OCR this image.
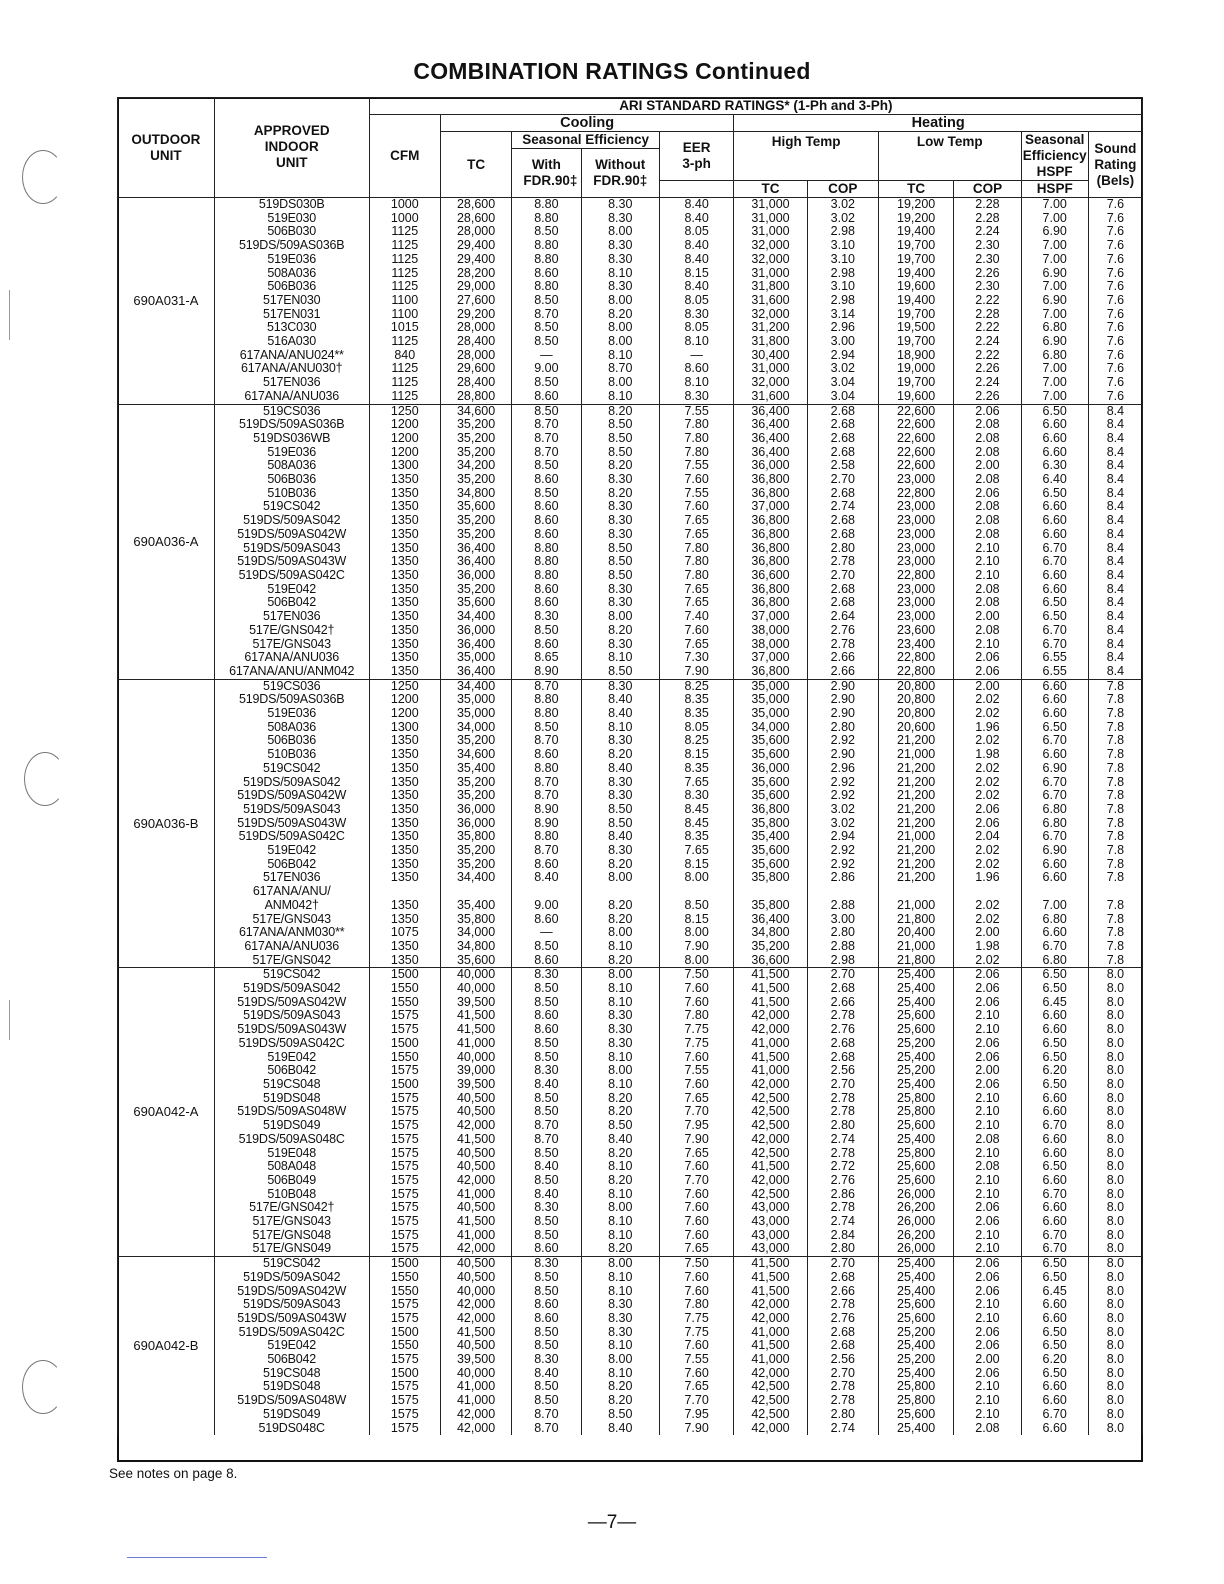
COMBINATION RATINGS Continued
OUTDOOR UNIT	APPROVED INDOOR UNIT	ARI STANDARD RATINGS* (1-Ph and 3-Ph)										
		CFM	Cooling				Heating					
			TC	Seasonal Efficiency		EER 3-ph	High Temp		Low Temp		Seasonal Efficiency HSPF	Sound Rating (Bels)

				With FDR.90‡	Without FDR.90‡							

							TC	COP	TC	COP	HSPF	
690A031-A	519DS030B	1000	28,600	8.80	8.30	8.40	31,000	3.02	19,200	2.28	7.00	7.6
	519E030	1000	28,600	8.80	8.30	8.40	31,000	3.02	19,200	2.28	7.00	7.6
	506B030	1125	28,000	8.50	8.00	8.05	31,000	2.98	19,400	2.24	6.90	7.6
	519DS/509AS036B	1125	29,400	8.80	8.30	8.40	32,000	3.10	19,700	2.30	7.00	7.6
	519E036	1125	29,400	8.80	8.30	8.40	32,000	3.10	19,700	2.30	7.00	7.6
	508A036	1125	28,200	8.60	8.10	8.15	31,000	2.98	19,400	2.26	6.90	7.6
	506B036	1125	29,000	8.80	8.30	8.40	31,800	3.10	19,600	2.30	7.00	7.6
	517EN030	1100	27,600	8.50	8.00	8.05	31,600	2.98	19,400	2.22	6.90	7.6
	517EN031	1100	29,200	8.70	8.20	8.30	32,000	3.14	19,700	2.28	7.00	7.6
	513C030	1015	28,000	8.50	8.00	8.05	31,200	2.96	19,500	2.22	6.80	7.6
	516A030	1125	28,400	8.50	8.00	8.10	31,800	3.00	19,700	2.24	6.90	7.6
	617ANA/ANU024**	840	28,000	—	8.10	—	30,400	2.94	18,900	2.22	6.80	7.6
	617ANA/ANU030†	1125	29,600	9.00	8.70	8.60	31,000	3.02	19,000	2.26	7.00	7.6
	517EN036	1125	28,400	8.50	8.00	8.10	32,000	3.04	19,700	2.24	7.00	7.6
	617ANA/ANU036	1125	28,800	8.60	8.10	8.30	31,600	3.04	19,600	2.26	7.00	7.6
690A036-A	519CS036	1250	34,600	8.50	8.20	7.55	36,400	2.68	22,600	2.06	6.50	8.4
	519DS/509AS036B	1200	35,200	8.70	8.50	7.80	36,400	2.68	22,600	2.08	6.60	8.4
	519DS036WB	1200	35,200	8.70	8.50	7.80	36,400	2.68	22,600	2.08	6.60	8.4
	519E036	1200	35,200	8.70	8.50	7.80	36,400	2.68	22,600	2.08	6.60	8.4
	508A036	1300	34,200	8.50	8.20	7.55	36,000	2.58	22,600	2.00	6.30	8.4
	506B036	1350	35,200	8.60	8.30	7.60	36,800	2.70	23,000	2.08	6.40	8.4
	510B036	1350	34,800	8.50	8.20	7.55	36,800	2.68	22,800	2.06	6.50	8.4
	519CS042	1350	35,600	8.60	8.30	7.60	37,000	2.74	23,000	2.08	6.60	8.4
	519DS/509AS042	1350	35,200	8.60	8.30	7.65	36,800	2.68	23,000	2.08	6.60	8.4
	519DS/509AS042W	1350	35,200	8.60	8.30	7.65	36,800	2.68	23,000	2.08	6.60	8.4
	519DS/509AS043	1350	36,400	8.80	8.50	7.80	36,800	2.80	23,000	2.10	6.70	8.4
	519DS/509AS043W	1350	36,400	8.80	8.50	7.80	36,800	2.78	23,000	2.10	6.70	8.4
	519DS/509AS042C	1350	36,000	8.80	8.50	7.80	36,600	2.70	22,800	2.10	6.60	8.4
	519E042	1350	35,200	8.60	8.30	7.65	36,800	2.68	23,000	2.08	6.60	8.4
	506B042	1350	35,600	8.60	8.30	7.65	36,800	2.68	23,000	2.08	6.50	8.4
	517EN036	1350	34,400	8.30	8.00	7.40	37,000	2.64	23,000	2.00	6.50	8.4
	517E/GNS042†	1350	36,000	8.50	8.20	7.60	38,000	2.76	23,600	2.08	6.70	8.4
	517E/GNS043	1350	36,400	8.60	8.30	7.65	38,000	2.78	23,400	2.10	6.70	8.4
	617ANA/ANU036	1350	35,000	8.65	8.10	7.30	37,000	2.66	22,800	2.06	6.55	8.4
	617ANA/ANU/ANM042	1350	36,400	8.90	8.50	7.90	36,800	2.66	22,800	2.06	6.55	8.4
690A036-B	519CS036	1250	34,400	8.70	8.30	8.25	35,000	2.90	20,800	2.00	6.60	7.8
	519DS/509AS036B	1200	35,000	8.80	8.40	8.35	35,000	2.90	20,800	2.02	6.60	7.8
	519E036	1200	35,000	8.80	8.40	8.35	35,000	2.90	20,800	2.02	6.60	7.8
	508A036	1300	34,000	8.50	8.10	8.05	34,000	2.80	20,600	1.96	6.50	7.8
	506B036	1350	35,200	8.70	8.30	8.25	35,600	2.92	21,200	2.02	6.70	7.8
	510B036	1350	34,600	8.60	8.20	8.15	35,600	2.90	21,000	1.98	6.60	7.8
	519CS042	1350	35,400	8.80	8.40	8.35	36,000	2.96	21,200	2.02	6.90	7.8
	519DS/509AS042	1350	35,200	8.70	8.30	7.65	35,600	2.92	21,200	2.02	6.70	7.8
	519DS/509AS042W	1350	35,200	8.70	8.30	8.30	35,600	2.92	21,200	2.02	6.70	7.8
	519DS/509AS043	1350	36,000	8.90	8.50	8.45	36,800	3.02	21,200	2.06	6.80	7.8
	519DS/509AS043W	1350	36,000	8.90	8.50	8.45	35,800	3.02	21,200	2.06	6.80	7.8
	519DS/509AS042C	1350	35,800	8.80	8.40	8.35	35,400	2.94	21,000	2.04	6.70	7.8
	519E042	1350	35,200	8.70	8.30	7.65	35,600	2.92	21,200	2.02	6.90	7.8
	506B042	1350	35,200	8.60	8.20	8.15	35,600	2.92	21,200	2.02	6.60	7.8
	517EN036	1350	34,400	8.40	8.00	8.00	35,800	2.86	21,200	1.96	6.60	7.8
	617ANA/ANU/											
	ANM042†	1350	35,400	9.00	8.20	8.50	35,800	2.88	21,000	2.02	7.00	7.8
	517E/GNS043	1350	35,800	8.60	8.20	8.15	36,400	3.00	21,800	2.02	6.80	7.8
	617ANA/ANM030**	1075	34,000	—	8.00	8.00	34,800	2.80	20,400	2.00	6.60	7.8
	617ANA/ANU036	1350	34,800	8.50	8.10	7.90	35,200	2.88	21,000	1.98	6.70	7.8
	517E/GNS042	1350	35,600	8.60	8.20	8.00	36,600	2.98	21,800	2.02	6.80	7.8
690A042-A	519CS042	1500	40,000	8.30	8.00	7.50	41,500	2.70	25,400	2.06	6.50	8.0
	519DS/509AS042	1550	40,000	8.50	8.10	7.60	41,500	2.68	25,400	2.06	6.50	8.0
	519DS/509AS042W	1550	39,500	8.50	8.10	7.60	41,500	2.66	25,400	2.06	6.45	8.0
	519DS/509AS043	1575	41,500	8.60	8.30	7.80	42,000	2.78	25,600	2.10	6.60	8.0
	519DS/509AS043W	1575	41,500	8.60	8.30	7.75	42,000	2.76	25,600	2.10	6.60	8.0
	519DS/509AS042C	1500	41,000	8.50	8.30	7.75	41,000	2.68	25,200	2.06	6.50	8.0
	519E042	1550	40,000	8.50	8.10	7.60	41,500	2.68	25,400	2.06	6.50	8.0
	506B042	1575	39,000	8.30	8.00	7.55	41,000	2.56	25,200	2.00	6.20	8.0
	519CS048	1500	39,500	8.40	8.10	7.60	42,000	2.70	25,400	2.06	6.50	8.0
	519DS048	1575	40,500	8.50	8.20	7.65	42,500	2.78	25,800	2.10	6.60	8.0
	519DS/509AS048W	1575	40,500	8.50	8.20	7.70	42,500	2.78	25,800	2.10	6.60	8.0
	519DS049	1575	42,000	8.70	8.50	7.95	42,500	2.80	25,600	2.10	6.70	8.0
	519DS/509AS048C	1575	41,500	8.70	8.40	7.90	42,000	2.74	25,400	2.08	6.60	8.0
	519E048	1575	40,500	8.50	8.20	7.65	42,500	2.78	25,800	2.10	6.60	8.0
	508A048	1575	40,500	8.40	8.10	7.60	41,500	2.72	25,600	2.08	6.50	8.0
	506B049	1575	42,000	8.50	8.20	7.70	42,000	2.76	25,600	2.10	6.60	8.0
	510B048	1575	41,000	8.40	8.10	7.60	42,500	2.86	26,000	2.10	6.70	8.0
	517E/GNS042†	1575	40,500	8.30	8.00	7.60	43,000	2.78	26,200	2.06	6.60	8.0
	517E/GNS043	1575	41,500	8.50	8.10	7.60	43,000	2.74	26,000	2.06	6.60	8.0
	517E/GNS048	1575	41,000	8.50	8.10	7.60	43,000	2.84	26,200	2.10	6.70	8.0
	517E/GNS049	1575	42,000	8.60	8.20	7.65	43,000	2.80	26,000	2.10	6.70	8.0
690A042-B	519CS042	1500	40,500	8.30	8.00	7.50	41,500	2.70	25,400	2.06	6.50	8.0
	519DS/509AS042	1550	40,500	8.50	8.10	7.60	41,500	2.68	25,400	2.06	6.50	8.0
	519DS/509AS042W	1550	40,000	8.50	8.10	7.60	41,500	2.66	25,400	2.06	6.45	8.0
	519DS/509AS043	1575	42,000	8.60	8.30	7.80	42,000	2.78	25,600	2.10	6.60	8.0
	519DS/509AS043W	1575	42,000	8.60	8.30	7.75	42,000	2.76	25,600	2.10	6.60	8.0
	519DS/509AS042C	1500	41,500	8.50	8.30	7.75	41,000	2.68	25,200	2.06	6.50	8.0
	519E042	1550	40,500	8.50	8.10	7.60	41,500	2.68	25,400	2.06	6.50	8.0
	506B042	1575	39,500	8.30	8.00	7.55	41,000	2.56	25,200	2.00	6.20	8.0
	519CS048	1500	40,000	8.40	8.10	7.60	42,000	2.70	25,400	2.06	6.50	8.0
	519DS048	1575	41,000	8.50	8.20	7.65	42,500	2.78	25,800	2.10	6.60	8.0
	519DS/509AS048W	1575	41,000	8.50	8.20	7.70	42,500	2.78	25,800	2.10	6.60	8.0
	519DS049	1575	42,000	8.70	8.50	7.95	42,500	2.80	25,600	2.10	6.70	8.0
	519DS048C	1575	42,000	8.70	8.40	7.90	42,000	2.74	25,400	2.08	6.60	8.0
See notes on page 8.
—7—
